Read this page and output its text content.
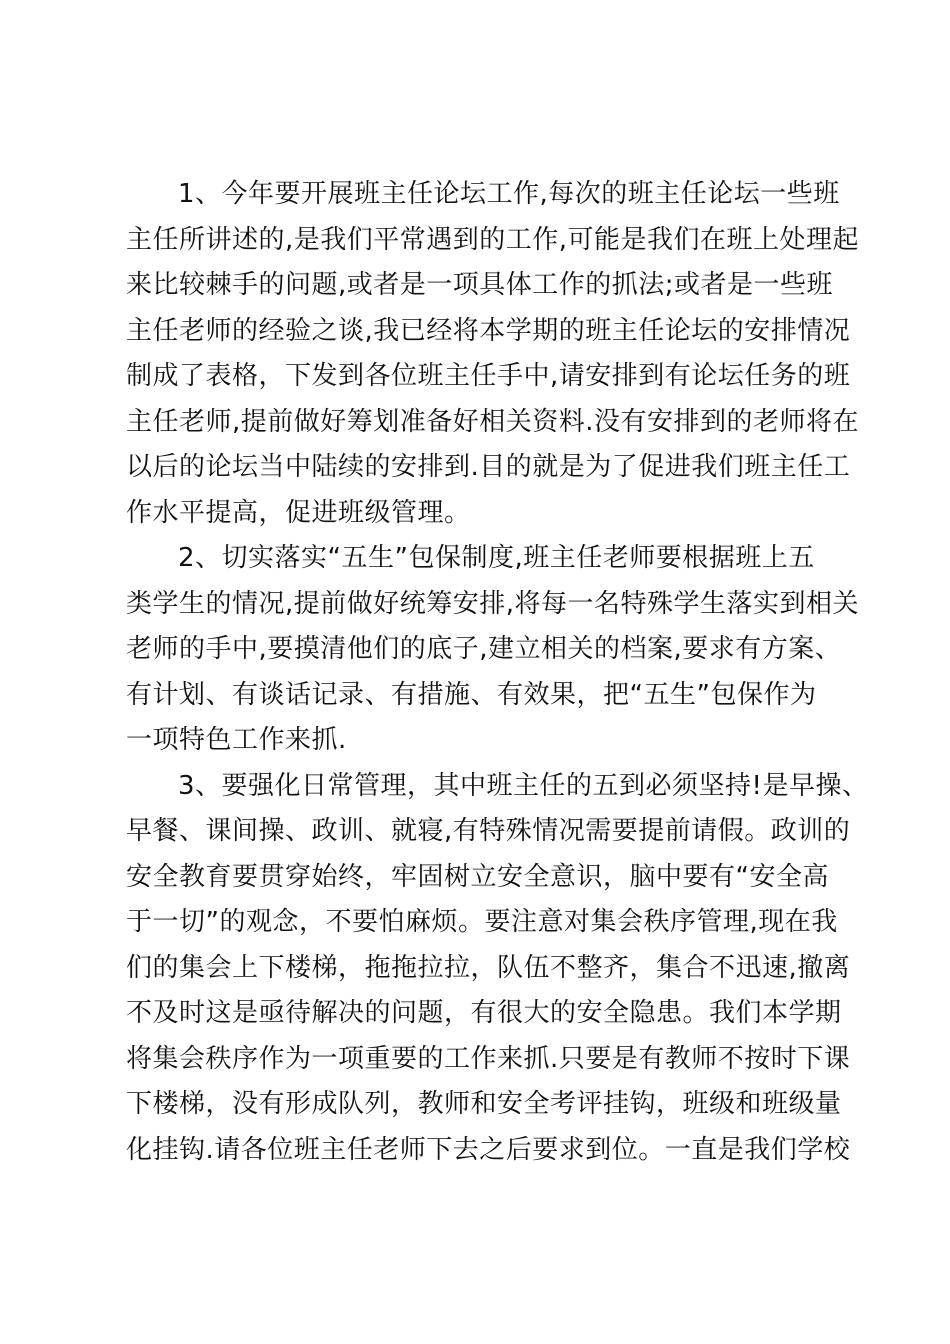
1、今年要开展班主任论坛工作,每次的班主任论坛一些班
主任所讲述的,是我们平常遇到的工作,可能是我们在班上处理起
来比较棘手的问题,或者是一项具体工作的抓法;或者是一些班
主任老师的经验之谈,我已经将本学期的班主任论坛的安排情况
制成了表格，下发到各位班主任手中,请安排到有论坛任务的班
主任老师,提前做好筹划准备好相关资料.没有安排到的老师将在
以后的论坛当中陆续的安排到.目的就是为了促进我们班主任工
作水平提高，促进班级管理。
2、切实落实“五生”包保制度,班主任老师要根据班上五
类学生的情况,提前做好统筹安排,将每一名特殊学生落实到相关
老师的手中,要摸清他们的底子,建立相关的档案,要求有方案、
有计划、有谈话记录、有措施、有效果，把“五生”包保作为
一项特色工作来抓.
3、要强化日常管理，其中班主任的五到必须坚持!是早操、
早餐、课间操、政训、就寝,有特殊情况需要提前请假。政训的
安全教育要贯穿始终，牢固树立安全意识，脑中要有“安全高
于一切”的观念，不要怕麻烦。要注意对集会秩序管理,现在我
们的集会上下楼梯，拖拖拉拉，队伍不整齐，集合不迅速,撤离
不及时这是亟待解决的问题，有很大的安全隐患。我们本学期
将集会秩序作为一项重要的工作来抓.只要是有教师不按时下课
下楼梯，没有形成队列，教师和安全考评挂钩，班级和班级量
化挂钩.请各位班主任老师下去之后要求到位。一直是我们学校
